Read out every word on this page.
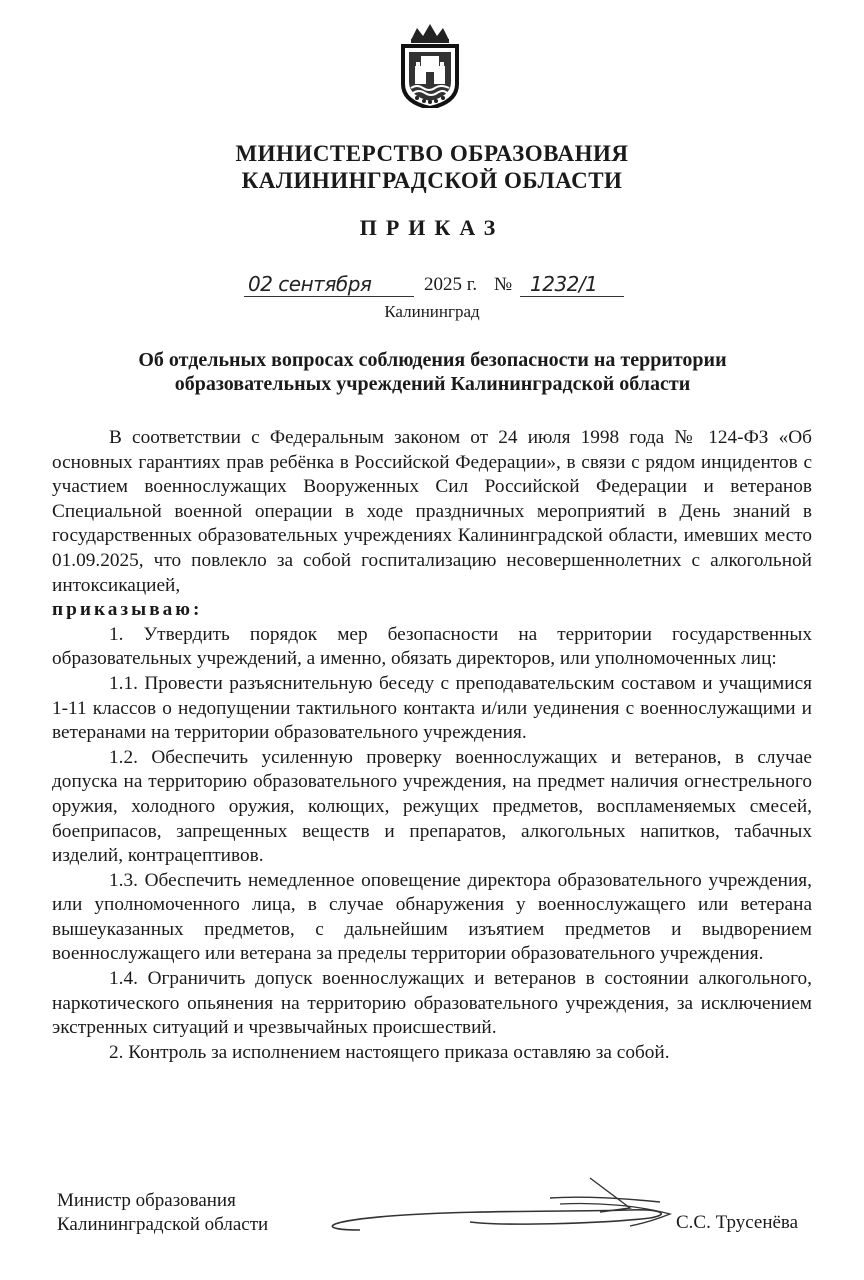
МИНИСТЕРСТВО ОБРАЗОВАНИЯ
КАЛИНИНГРАДСКОЙ ОБЛАСТИ
ПРИКАЗ
02 сентября	2025 г. № 1232/1
Калининград
Об отдельных вопросах соблюдения безопасности на территории
образовательных учреждений Калининградской области

В соответствии с Федеральным законом от 24 июля 1998 года № 124-ФЗ «Об основных гарантиях прав ребёнка в Российской Федерации», в связи с рядом инцидентов с участием военнослужащих Вооруженных Сил Российской Федерации и ветеранов Специальной военной операции в ходе праздничных мероприятий в День знаний в государственных образовательных учреждениях Калининградской области, имевших место 01.09.2025, что повлекло за собой госпитализацию несовершеннолетних с алкогольной интоксикацией,

приказываю:

1. Утвердить порядок мер безопасности на территории государственных образовательных учреждений, а именно, обязать директоров, или уполномоченных лиц:

1.1. Провести разъяснительную беседу с преподавательским составом и учащимися 1-11 классов о недопущении тактильного контакта и/или уединения с военнослужащими и ветеранами на территории образовательного учреждения.

1.2. Обеспечить усиленную проверку военнослужащих и ветеранов, в случае допуска на территорию образовательного учреждения, на предмет наличия огнестрельного оружия, холодного оружия, колющих, режущих предметов, воспламеняемых смесей, боеприпасов, запрещенных веществ и препаратов, алкогольных напитков, табачных изделий, контрацептивов.

1.3. Обеспечить немедленное оповещение директора образовательного учреждения, или уполномоченного лица, в случае обнаружения у военнослужащего или ветерана вышеуказанных предметов, с дальнейшим изъятием предметов и выдворением военнослужащего или ветерана за пределы территории образовательного учреждения.

1.4. Ограничить допуск военнослужащих и ветеранов в состоянии алкогольного, наркотического опьянения на территорию образовательного учреждения, за исключением экстренных ситуаций и чрезвычайных происшествий.

2. Контроль за исполнением настоящего приказа оставляю за собой.

Министр образования
Калининградской области	С.С. Трусенёва
